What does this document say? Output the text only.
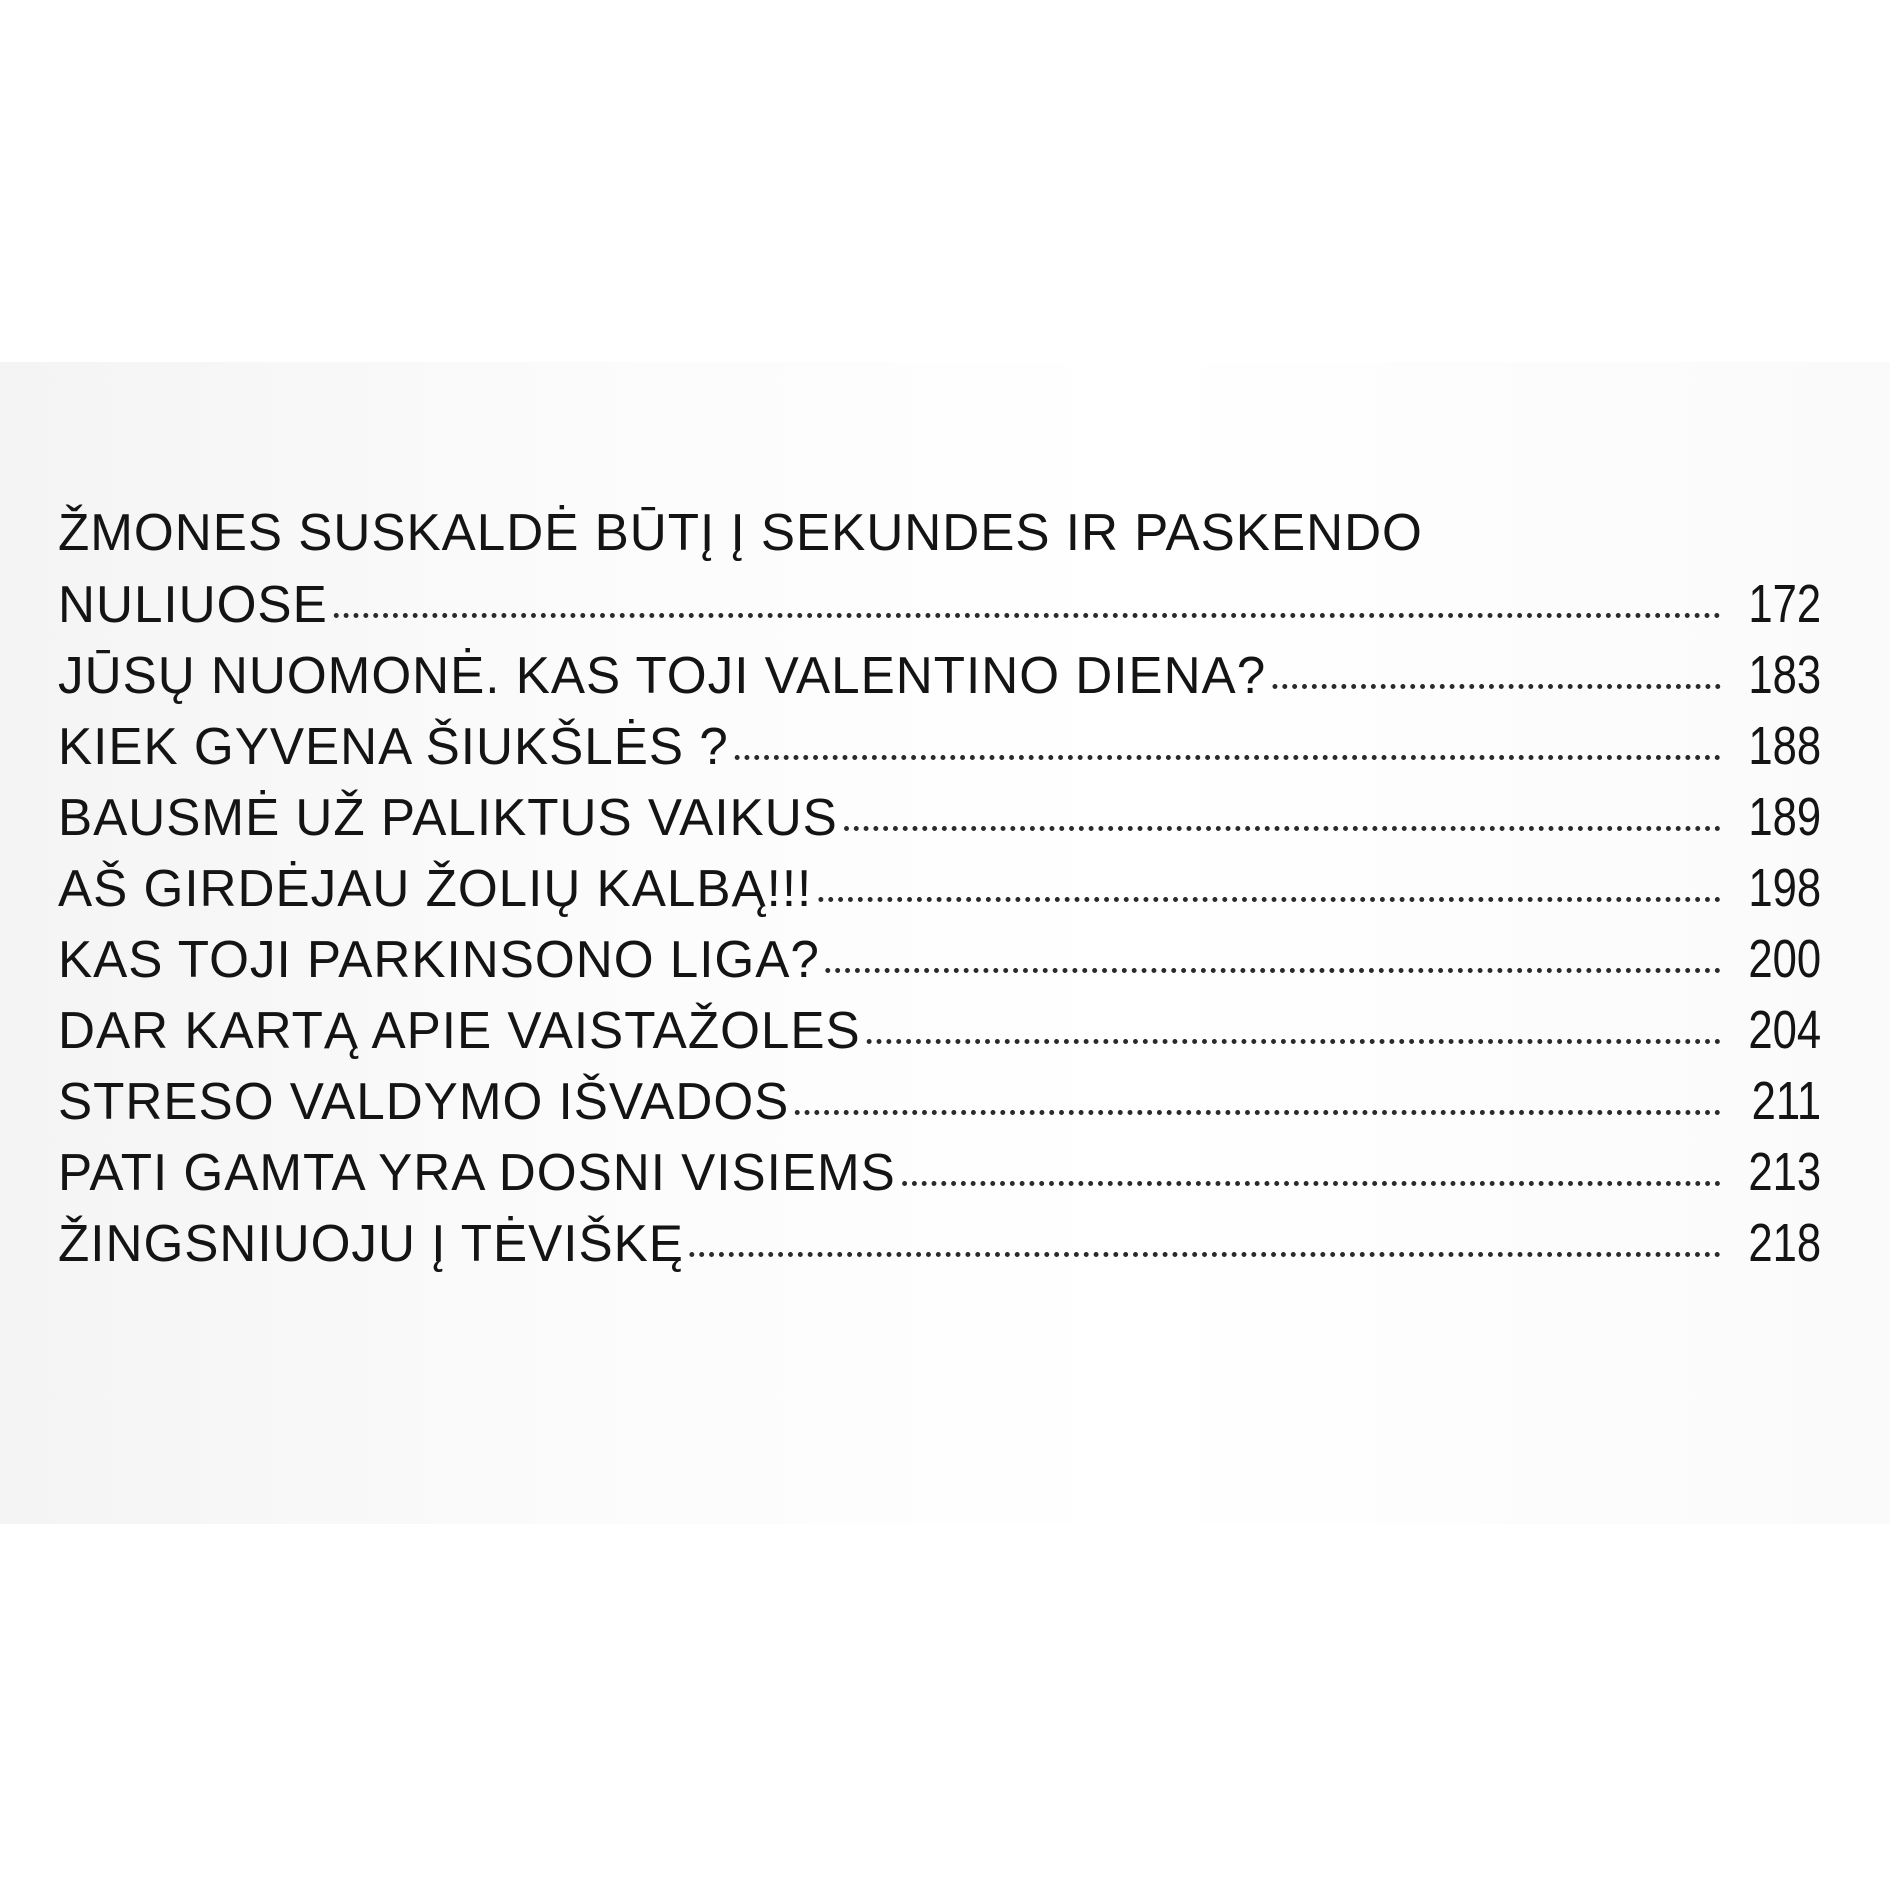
ŽMONES SUSKALDĖ BŪTĮ Į SEKUNDES IR PASKENDO
NULIUOSE	172
JŪSŲ NUOMONĖ. KAS TOJI VALENTINO DIENA?	183
KIEK GYVENA ŠIUKŠLĖS ?	188
BAUSMĖ UŽ PALIKTUS VAIKUS	189
AŠ GIRDĖJAU ŽOLIŲ KALBĄ!!!	198
KAS TOJI PARKINSONO LIGA?	200
DAR KARTĄ APIE VAISTAŽOLES	204
STRESO VALDYMO IŠVADOS	211
PATI GAMTA YRA DOSNI VISIEMS	213
ŽINGSNIUOJU Į TĖVIŠKĘ	218
